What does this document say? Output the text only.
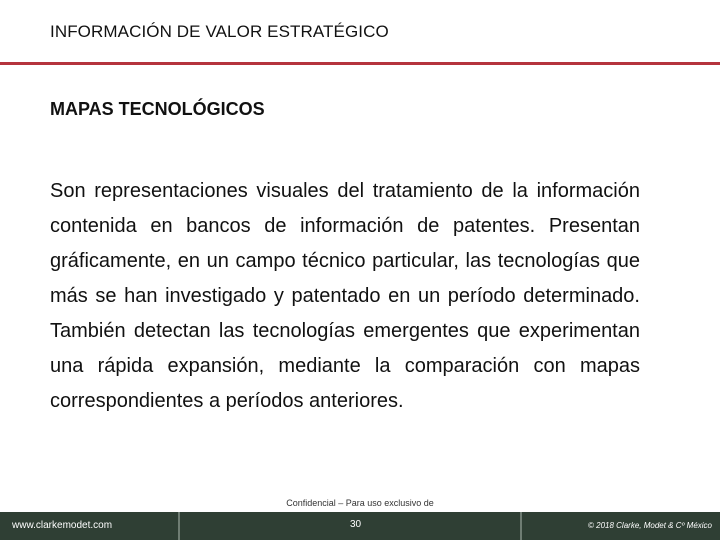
INFORMACIÓN DE VALOR ESTRATÉGICO
MAPAS TECNOLÓGICOS
Son representaciones visuales del tratamiento de la información contenida en bancos de información de patentes. Presentan gráficamente, en un campo técnico particular, las tecnologías que más se han investigado y patentado en un período determinado. También detectan las tecnologías emergentes que experimentan una rápida expansión, mediante la comparación con mapas correspondientes a períodos anteriores.
Confidencial – Para uso exclusivo de
www.clarkemodet.com	30	© 2018 Clarke, Modet & Cº México
